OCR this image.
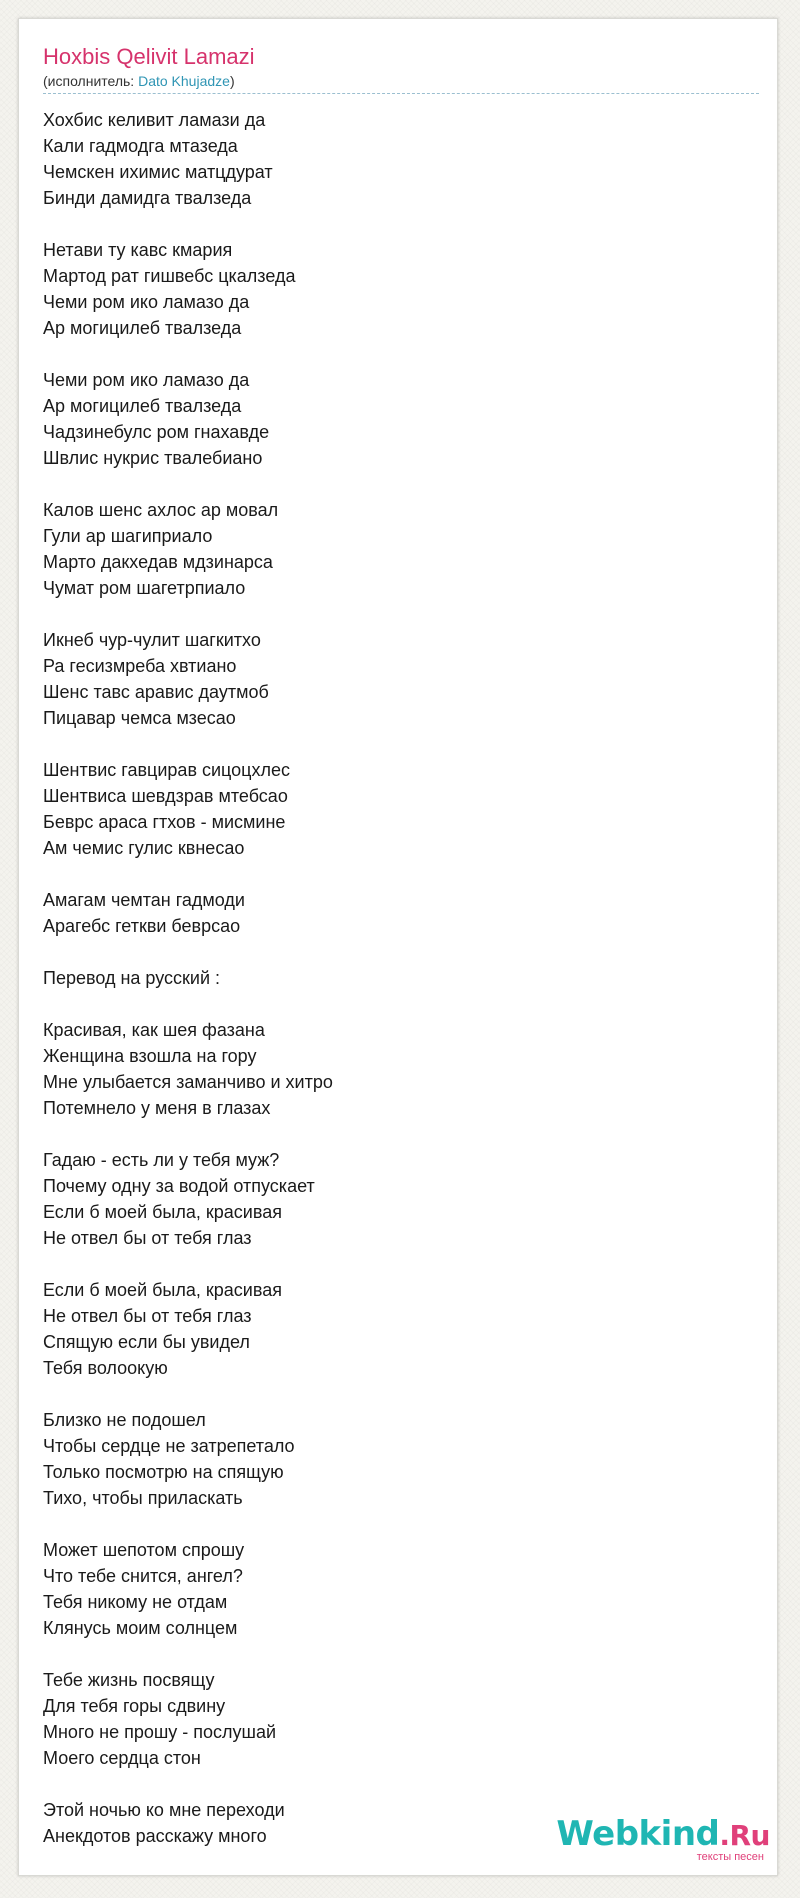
Hoxbis Qelivit Lamazi
(исполнитель: Dato Khujadze)
Хохбис келивит ламази да
Кали гадмодга мтазеда
Чемскен ихимис матцдурат
Бинди дамидга твалзеда
Нетави ту кавс кмария
Мартод рат гишвебс цкалзеда
Чеми ром ико ламазо да
Ар могицилеб твалзеда
Чеми ром ико ламазо да
Ар могицилеб твалзеда
Чадзинебулс ром гнахавде
Швлис нукрис твалебиано
Калов шенс ахлос ар мовал
Гули ар шагиприало
Марто дакхедав мдзинарса
Чумат ром шагетрпиало
Икнеб чур-чулит шагкитхо
Ра гесизмреба хвтиано
Шенс тавс аравис даутмоб
Пицавар чемса мзесао
Шентвис гавцирав сицоцхлес
Шентвиса шевдзрав мтебсао
Беврс араса гтхов - мисмине
Ам чемис гулис квнесао
Амагам чемтан гадмоди
Арагебс геткви беврсао
Перевод на русский :
Красивая, как шея фазана
Женщина взошла на гору
Мне улыбается заманчиво и хитро
Потемнело у меня в глазах
Гадаю - есть ли у тебя муж?
Почему одну за водой отпускает
Если б моей была, красивая
Не отвел бы от тебя глаз
Если б моей была, красивая
Не отвел бы от тебя глаз
Спящую если бы увидел
Тебя волоокую
Близко не подошел
Чтобы сердце не затрепетало
Только посмотрю на спящую
Тихо, чтобы приласкать
Может шепотом спрошу
Что тебе снится, ангел?
Тебя никому не отдам
Клянусь моим солнцем
Тебе жизнь посвящу
Для тебя горы сдвину
Много не прошу - послушай
Моего сердца стон
Этой ночью ко мне переходи
Анекдотов расскажу много	Webkind.Ru
тексты песен
